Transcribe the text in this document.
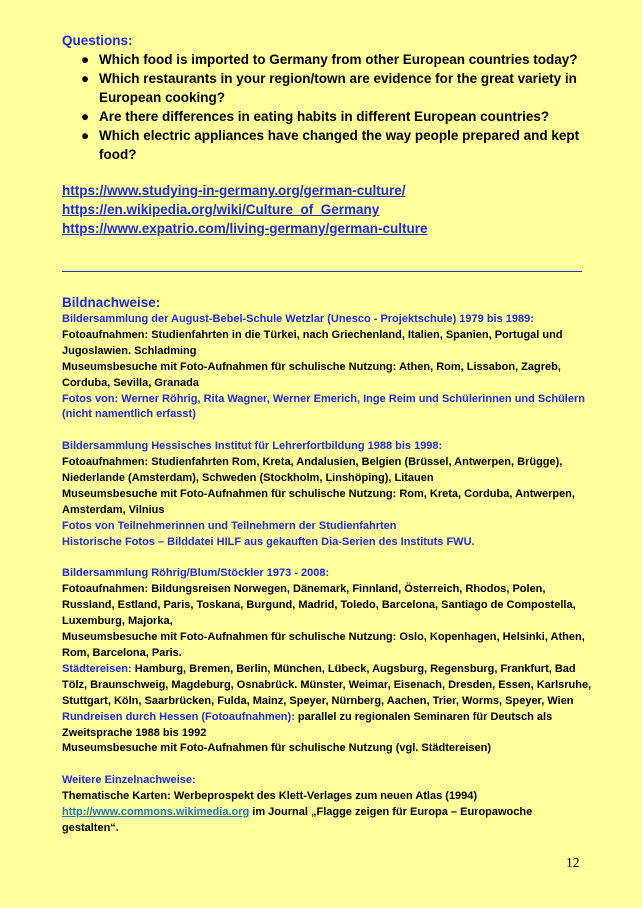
Questions:
● Which food is imported to Germany from other European countries today?
● Which restaurants in your region/town are evidence for the great variety in European cooking?
● Are there differences in eating habits in different European countries?
● Which electric appliances have changed the way people prepared and kept food?
https://www.studying-in-germany.org/german-culture/
https://en.wikipedia.org/wiki/Culture_of_Germany
https://www.expatrio.com/living-germany/german-culture

Bildnachweise:

Bildersammlung der August-Bebel-Schule Wetzlar (Unesco - Projektschule) 1979 bis 1989:

Fotoaufnahmen: Studienfahrten in die Türkei, nach Griechenland, Italien, Spanien, Portugal und Jugoslawien. Schladming

Museumsbesuche mit Foto-Aufnahmen für schulische Nutzung: Athen, Rom, Lissabon, Zagreb, Corduba, Sevilla, Granada

Fotos von: Werner Röhrig, Rita Wagner, Werner Emerich, Inge Reim und Schülerinnen und Schülern (nicht namentlich erfasst)

Bildersammlung Hessisches Institut für Lehrerfortbildung 1988 bis 1998:

Fotoaufnahmen: Studienfahrten Rom, Kreta, Andalusien, Belgien (Brüssel, Antwerpen, Brügge), Niederlande (Amsterdam), Schweden (Stockholm, Linshöping), Litauen

Museumsbesuche mit Foto-Aufnahmen für schulische Nutzung: Rom, Kreta, Corduba, Antwerpen, Amsterdam, Vilnius

Fotos von Teilnehmerinnen und Teilnehmern der Studienfahrten

Historische Fotos – Bilddatei HILF aus gekauften Dia-Serien des Instituts FWU.

Bildersammlung Röhrig/Blum/Stöckler 1973 - 2008:

Fotoaufnahmen: Bildungsreisen Norwegen, Dänemark, Finnland, Österreich, Rhodos, Polen, Russland, Estland, Paris, Toskana, Burgund, Madrid, Toledo, Barcelona, Santiago de Compostella, Luxemburg, Majorka,

Museumsbesuche mit Foto-Aufnahmen für schulische Nutzung: Oslo, Kopenhagen, Helsinki, Athen, Rom, Barcelona, Paris.

Städtereisen: Hamburg, Bremen, Berlin, München, Lübeck, Augsburg, Regensburg, Frankfurt, Bad Tölz, Braunschweig, Magdeburg, Osnabrück. Münster, Weimar, Eisenach, Dresden, Essen, Karlsruhe, Stuttgart, Köln, Saarbrücken, Fulda, Mainz, Speyer, Nürnberg, Aachen, Trier, Worms, Speyer, Wien

Rundreisen durch Hessen (Fotoaufnahmen): parallel zu regionalen Seminaren für Deutsch als Zweitsprache 1988 bis 1992

Museumsbesuche mit Foto-Aufnahmen für schulische Nutzung (vgl. Städtereisen)

Weitere Einzelnachweise:

Thematische Karten: Werbeprospekt des Klett-Verlages zum neuen Atlas (1994)

http://www.commons.wikimedia.org im Journal „Flagge zeigen für Europa – Europawoche gestalten“.

12
